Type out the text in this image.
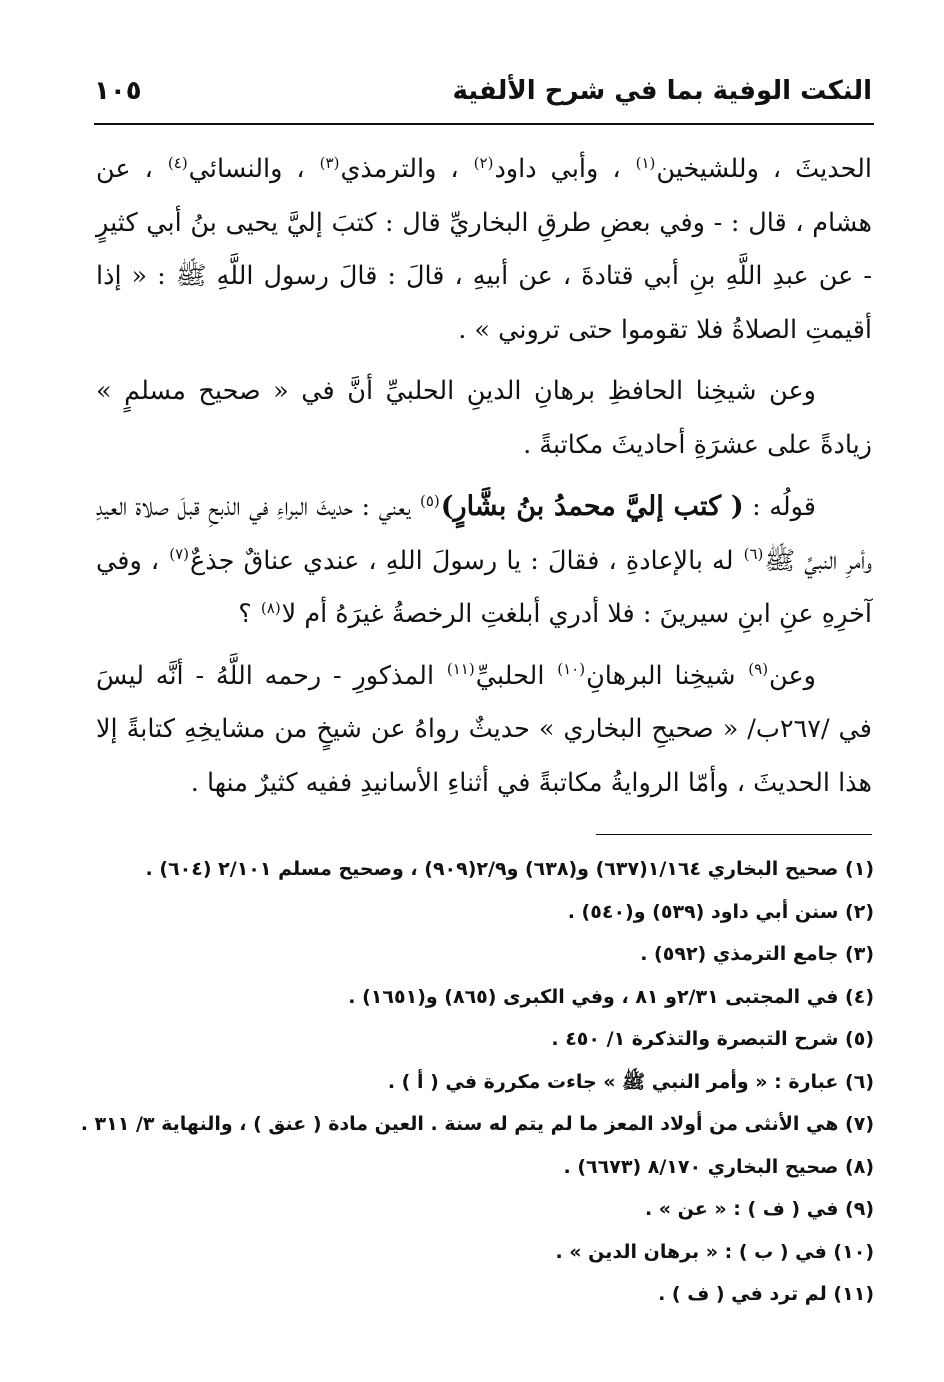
النكت الوفية بما في شرح الألفية
١٠٥

الحديثَ ، وللشيخين$^{(١)}$ ، وأبي داود$^{(٢)}$ ، والترمذي$^{(٣)}$ ، والنسائي$^{(٤)}$ ، عن هشام ، قال : - وفي بعضِ طرقِ البخاريِّ قال : كتبَ إليَّ يحيى بنُ أبي كثيرٍ - عن عبدِ اللَّهِ بنِ أبي قتادةَ ، عن أبيهِ ، قالَ : قالَ رسول اللَّهِ ﷺ : « إذا أقيمتِ الصلاةُ فلا تقوموا حتى تروني » .

وعن شيخِنا الحافظِ برهانِ الدينِ الحلبيِّ أنَّ في « صحيح مسلمٍ » زيادةً على عشرَةِ أحاديثَ مكاتبةً .

قولُه : ( كتب إليَّ محمدُ بنُ بشَّارٍ)$^{(٥)}$ يعني : حديثَ البراءِ في الذبحِ قبلَ صلاة العيدِ وأمرِ النبيِّ ﷺ$^{(٦)}$ له بالإعادةِ ، فقالَ : يا رسولَ اللهِ ، عندي عناقٌ جذعٌ$^{(٧)}$ ، وفي آخرِهِ عنِ ابنِ سيرينَ : فلا أدري أبلغتِ الرخصةُ غيرَهُ أم لا$^{(٨)}$ ؟

وعن$^{(٩)}$ شيخِنا البرهانِ$^{(١٠)}$ الحلبيِّ$^{(١١)}$ المذكورِ - رحمه اللَّهُ - أنَّه ليسَ في /٢٦٧ب/ « صحيحِ البخاري » حديثٌ رواهُ عن شيخٍ من مشايخِهِ كتابةً إلا هذا الحديثَ ، وأمّا الروايةُ مكاتبةً في أثناءِ الأسانيدِ ففيه كثيرٌ منها .

(١) صحيح البخاري ١/١٦٤(٦٣٧) و(٦٣٨) و٢/٩(٩٠٩) ، وصحيح مسلم ٢/١٠١ (٦٠٤) .
(٢) سنن أبي داود (٥٣٩) و(٥٤٠) .
(٣) جامع الترمذي (٥٩٢) .
(٤) في المجتبى ٢/٣١و ٨١ ، وفي الكبرى (٨٦٥) و(١٦٥١) .
(٥) شرح التبصرة والتذكرة ١/ ٤٥٠ .
(٦) عبارة : « وأمر النبي ﷺ » جاءت مكررة في ( أ ) .
(٧) هي الأنثى من أولاد المعز ما لم يتم له سنة . العين مادة ( عنق ) ، والنهاية ٣/ ٣١١ .
(٨) صحيح البخاري ٨/١٧٠ (٦٦٧٣) .
(٩) في ( ف ) : « عن » .
(١٠) في ( ب ) : « برهان الدين » .
(١١) لم ترد في ( ف ) .
